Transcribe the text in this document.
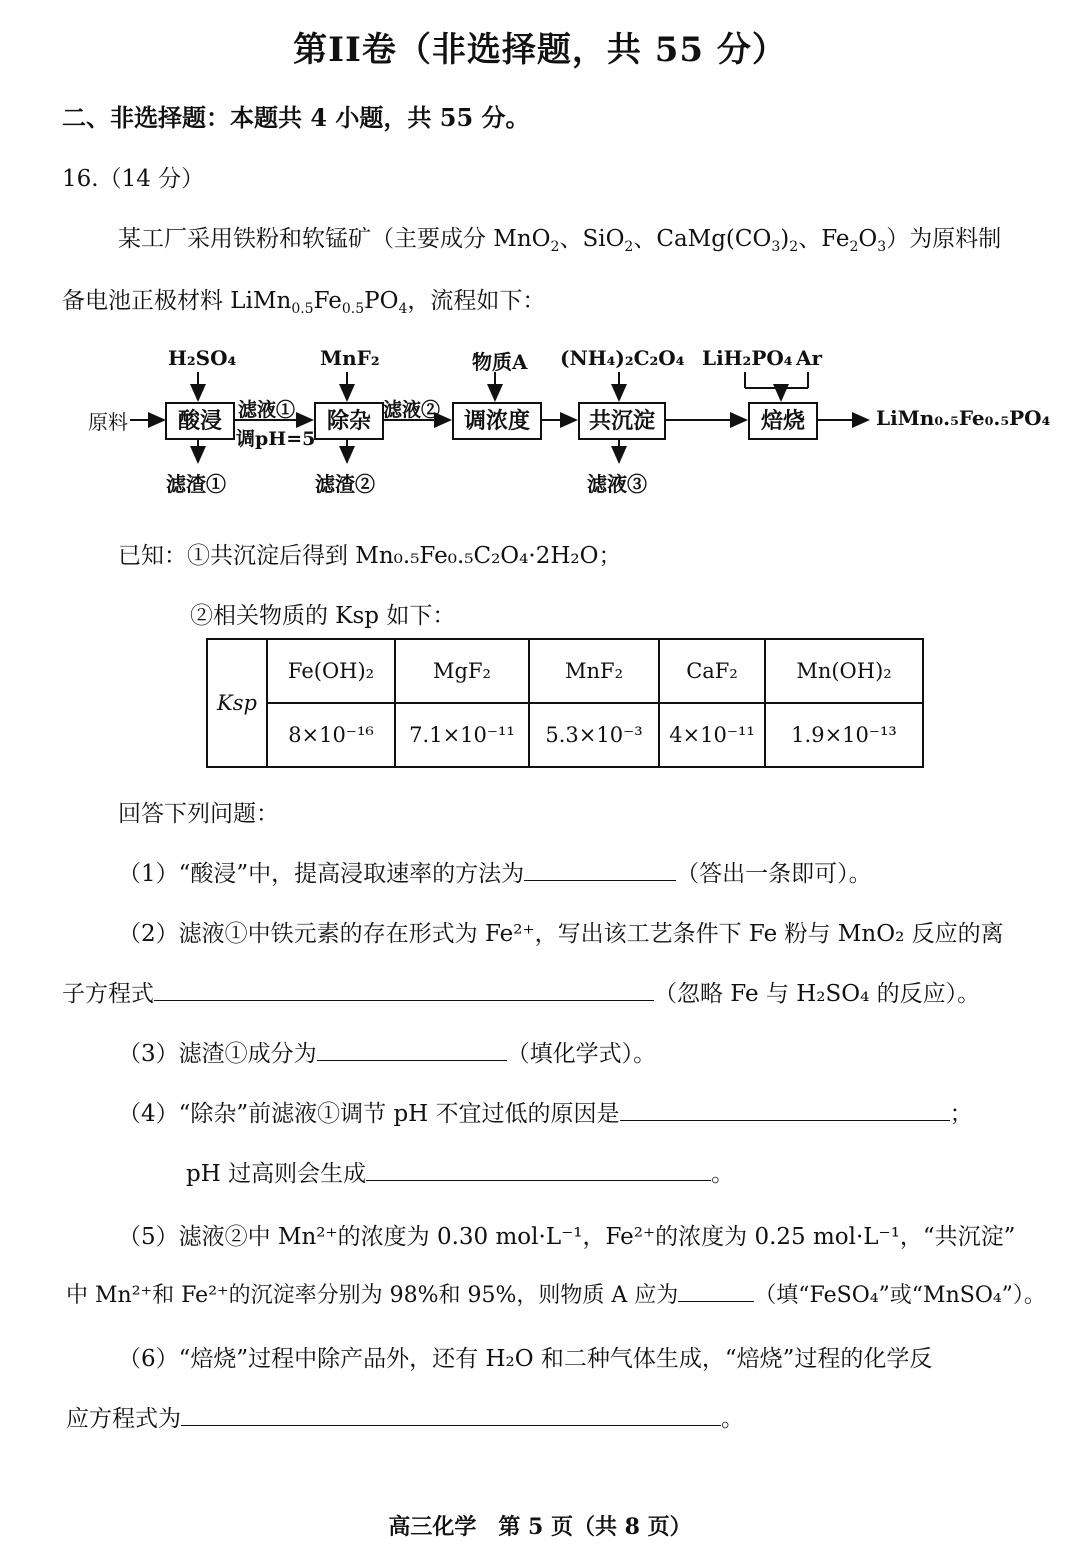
第II卷（非选择题，共 55 分）
二、非选择题：本题共 4 小题，共 55 分。
16.（14 分）
某工厂采用铁粉和软锰矿（主要成分 MnO$_2$、SiO$_2$、$CaMg(CO_3)_2$、$Fe_2O_3$）为原料制
备电池正极材料 $LiMn_{0.5}Fe_{0.5}PO_4$，流程如下：
原料	酸浸	除杂	调浓度	共沉淀	焙烧
H₂SO₄	MnF₂	物质A (NH₄)₂C₂O₄ LiH₂PO₄ Ar
滤液①
调pH=5
滤液②
滤渣①	滤渣②	滤液③
LiMn₀.₅Fe₀.₅PO₄
已知：①共沉淀后得到 Mn₀.₅Fe₀.₅C₂O₄·2H₂O；
②相关物质的 Ksp 如下：
Ksp	Fe(OH)₂	MgF₂	MnF₂	CaF₂	Mn(OH)₂
	8×10⁻¹⁶	7.1×10⁻¹¹	5.3×10⁻³	4×10⁻¹¹	1.9×10⁻¹³
回答下列问题：
（1）“酸浸”中，提高浸取速率的方法为	（答出一条即可）。
（2）滤液①中铁元素的存在形式为 Fe²⁺，写出该工艺条件下 Fe 粉与 MnO₂ 反应的离
子方程式	（忽略 Fe 与 H₂SO₄ 的反应）。
（3）滤渣①成分为	（填化学式）。
（4）“除杂”前滤液①调节 pH 不宜过低的原因是	；
pH 过高则会生成	。
（5）滤液②中 Mn²⁺的浓度为 0.30 mol·L⁻¹，Fe²⁺的浓度为 0.25 mol·L⁻¹，“共沉淀”
中 Mn²⁺和 Fe²⁺的沉淀率分别为 98%和 95%，则物质 A 应为	（填“FeSO₄”或“MnSO₄”）。
（6）“焙烧”过程中除产品外，还有 H₂O 和二种气体生成，“焙烧”过程的化学反
应方程式为	。
高三化学　第 5 页（共 8 页）
